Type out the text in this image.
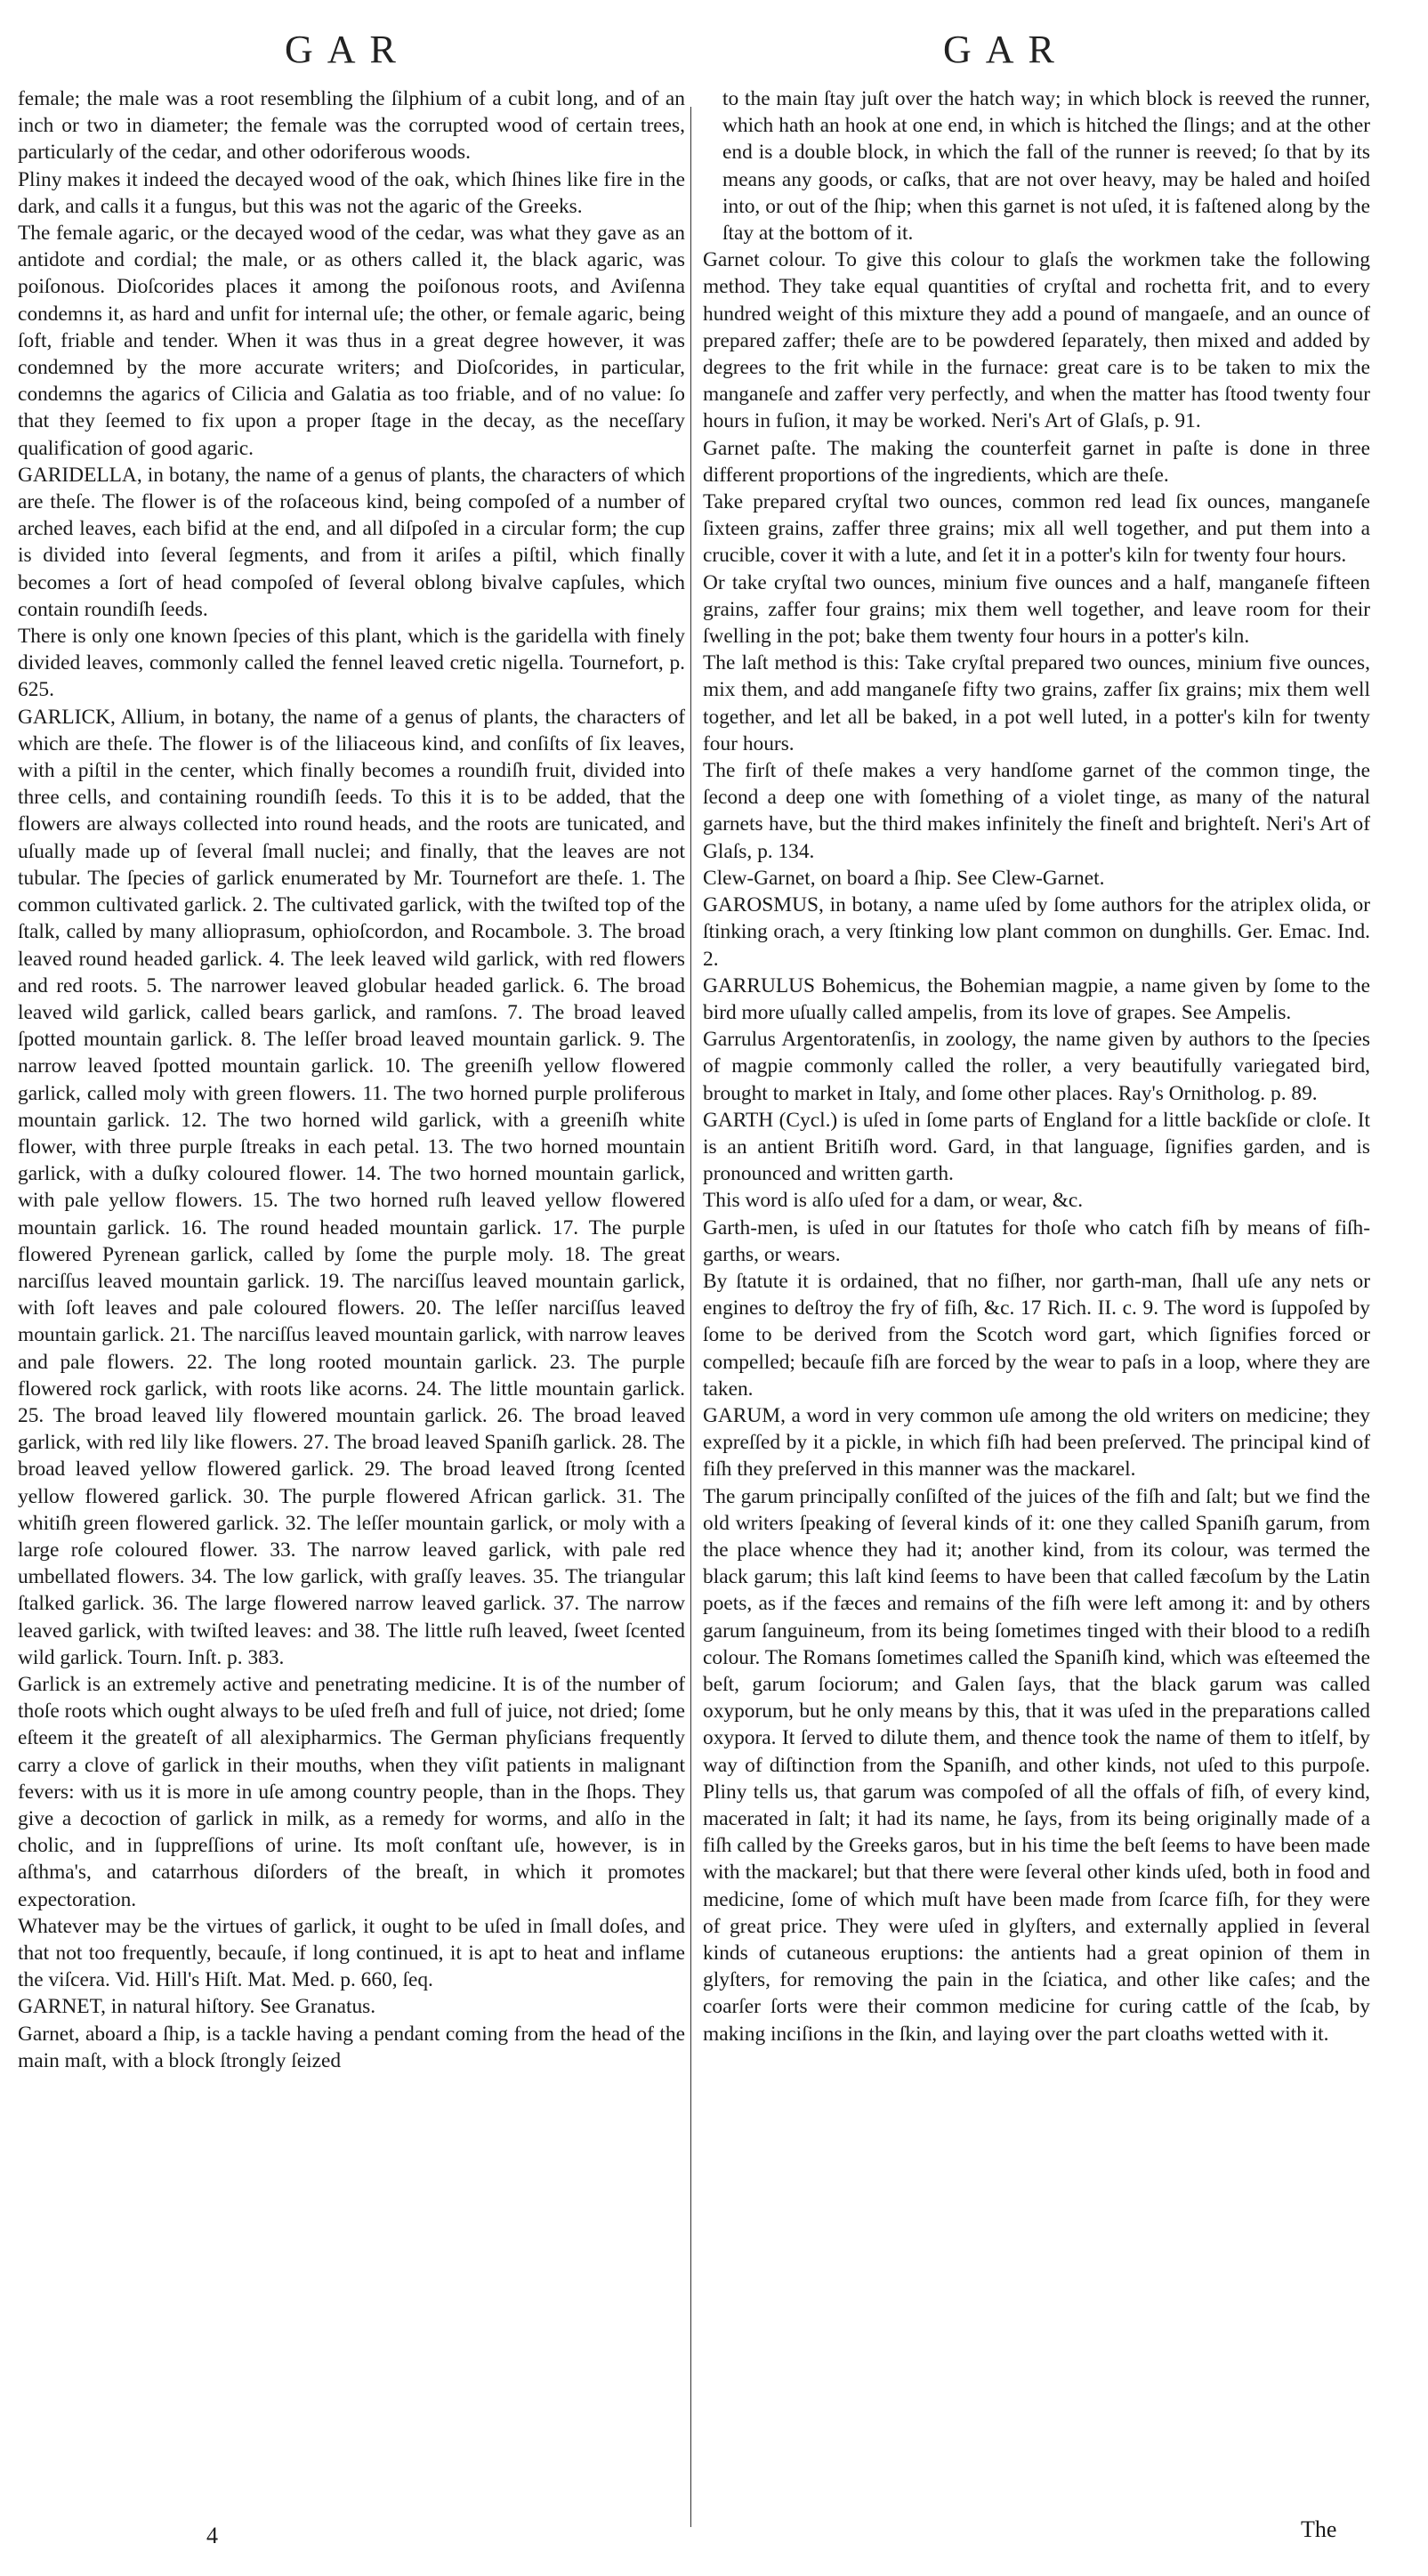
GAR	GAR

female; the male was a root resembling the ſilphium of a cubit long, and of an inch or two in diameter; the female was the corrupted wood of certain trees, particularly of the cedar, and other odoriferous woods.

Pliny makes it indeed the decayed wood of the oak, which ſhines like fire in the dark, and calls it a fungus, but this was not the agaric of the Greeks.

The female agaric, or the decayed wood of the cedar, was what they gave as an antidote and cordial; the male, or as others called it, the black agaric, was poiſonous. Dioſcorides places it among the poiſonous roots, and Aviſenna condemns it, as hard and unfit for internal uſe; the other, or female agaric, being ſoft, friable and tender. When it was thus in a great degree however, it was condemned by the more accurate writers; and Dioſcorides, in particular, condemns the agarics of Cilicia and Galatia as too friable, and of no value: ſo that they ſeemed to fix upon a proper ſtage in the decay, as the neceſſary qualification of good agaric.

GARIDELLA, in botany, the name of a genus of plants, the characters of which are theſe. The flower is of the roſaceous kind, being compoſed of a number of arched leaves, each bifid at the end, and all diſpoſed in a circular form; the cup is divided into ſeveral ſegments, and from it ariſes a piſtil, which finally becomes a ſort of head compoſed of ſeveral oblong bivalve capſules, which contain roundiſh ſeeds.

There is only one known ſpecies of this plant, which is the garidella with finely divided leaves, commonly called the fennel leaved cretic nigella. Tournefort, p. 625.

GARLICK, Allium, in botany, the name of a genus of plants, the characters of which are theſe. The flower is of the liliaceous kind, and conſiſts of ſix leaves, with a piſtil in the center, which finally becomes a roundiſh fruit, divided into three cells, and containing roundiſh ſeeds. To this it is to be added, that the flowers are always collected into round heads, and the roots are tunicated, and uſually made up of ſeveral ſmall nuclei; and finally, that the leaves are not tubular. The ſpecies of garlick enumerated by Mr. Tournefort are theſe. 1. The common cultivated garlick. 2. The cultivated garlick, with the twiſted top of the ſtalk, called by many allioprasum, ophioſcordon, and Rocambole. 3. The broad leaved round headed garlick. 4. The leek leaved wild garlick, with red flowers and red roots. 5. The narrower leaved globular headed garlick. 6. The broad leaved wild garlick, called bears garlick, and ramſons. 7. The broad leaved ſpotted mountain garlick. 8. The leſſer broad leaved mountain garlick. 9. The narrow leaved ſpotted mountain garlick. 10. The greeniſh yellow flowered garlick, called moly with green flowers. 11. The two horned purple proliferous mountain garlick. 12. The two horned wild garlick, with a greeniſh white flower, with three purple ſtreaks in each petal. 13. The two horned mountain garlick, with a duſky coloured flower. 14. The two horned mountain garlick, with pale yellow flowers. 15. The two horned ruſh leaved yellow flowered mountain garlick. 16. The round headed mountain garlick. 17. The purple flowered Pyrenean garlick, called by ſome the purple moly. 18. The great narciſſus leaved mountain garlick. 19. The narciſſus leaved mountain garlick, with ſoft leaves and pale coloured flowers. 20. The leſſer narciſſus leaved mountain garlick. 21. The narciſſus leaved mountain garlick, with narrow leaves and pale flowers. 22. The long rooted mountain garlick. 23. The purple flowered rock garlick, with roots like acorns. 24. The little mountain garlick. 25. The broad leaved lily flowered mountain garlick. 26. The broad leaved garlick, with red lily like flowers. 27. The broad leaved Spaniſh garlick. 28. The broad leaved yellow flowered garlick. 29. The broad leaved ſtrong ſcented yellow flowered garlick. 30. The purple flowered African garlick. 31. The whitiſh green flowered garlick. 32. The leſſer mountain garlick, or moly with a large roſe coloured flower. 33. The narrow leaved garlick, with pale red umbellated flowers. 34. The low garlick, with graſſy leaves. 35. The triangular ſtalked garlick. 36. The large flowered narrow leaved garlick. 37. The narrow leaved garlick, with twiſted leaves: and 38. The little ruſh leaved, ſweet ſcented wild garlick. Tourn. Inſt. p. 383.

Garlick is an extremely active and penetrating medicine. It is of the number of thoſe roots which ought always to be uſed freſh and full of juice, not dried; ſome eſteem it the greateſt of all alexipharmics. The German phyſicians frequently carry a clove of garlick in their mouths, when they viſit patients in malignant fevers: with us it is more in uſe among country people, than in the ſhops. They give a decoction of garlick in milk, as a remedy for worms, and alſo in the cholic, and in ſuppreſſions of urine. Its moſt conſtant uſe, however, is in aſthma's, and catarrhous diſorders of the breaſt, in which it promotes expectoration.

Whatever may be the virtues of garlick, it ought to be uſed in ſmall doſes, and that not too frequently, becauſe, if long continued, it is apt to heat and inflame the viſcera. Vid. Hill's Hiſt. Mat. Med. p. 660, ſeq.

GARNET, in natural hiſtory. See Granatus.

Garnet, aboard a ſhip, is a tackle having a pendant coming from the head of the main maſt, with a block ſtrongly ſeized

to the main ſtay juſt over the hatch way; in which block is reeved the runner, which hath an hook at one end, in which is hitched the ſlings; and at the other end is a double block, in which the fall of the runner is reeved; ſo that by its means any goods, or caſks, that are not over heavy, may be haled and hoiſed into, or out of the ſhip; when this garnet is not uſed, it is faſtened along by the ſtay at the bottom of it.

Garnet colour. To give this colour to glaſs the workmen take the following method. They take equal quantities of cryſtal and rochetta frit, and to every hundred weight of this mixture they add a pound of mangaeſe, and an ounce of prepared zaffer; theſe are to be powdered ſeparately, then mixed and added by degrees to the frit while in the furnace: great care is to be taken to mix the manganeſe and zaffer very perfectly, and when the matter has ſtood twenty four hours in fuſion, it may be worked. Neri's Art of Glaſs, p. 91.

Garnet paſte. The making the counterfeit garnet in paſte is done in three different proportions of the ingredients, which are theſe.

Take prepared cryſtal two ounces, common red lead ſix ounces, manganeſe ſixteen grains, zaffer three grains; mix all well together, and put them into a crucible, cover it with a lute, and ſet it in a potter's kiln for twenty four hours.

Or take cryſtal two ounces, minium five ounces and a half, manganeſe fifteen grains, zaffer four grains; mix them well together, and leave room for their ſwelling in the pot; bake them twenty four hours in a potter's kiln.

The laſt method is this: Take cryſtal prepared two ounces, minium five ounces, mix them, and add manganeſe fifty two grains, zaffer ſix grains; mix them well together, and let all be baked, in a pot well luted, in a potter's kiln for twenty four hours.

The firſt of theſe makes a very handſome garnet of the common tinge, the ſecond a deep one with ſomething of a violet tinge, as many of the natural garnets have, but the third makes infinitely the fineſt and brighteſt. Neri's Art of Glaſs, p. 134.

Clew-Garnet, on board a ſhip. See Clew-Garnet.

GAROSMUS, in botany, a name uſed by ſome authors for the atriplex olida, or ſtinking orach, a very ſtinking low plant common on dunghills. Ger. Emac. Ind. 2.

GARRULUS Bohemicus, the Bohemian magpie, a name given by ſome to the bird more uſually called ampelis, from its love of grapes. See Ampelis.

Garrulus Argentoratenſis, in zoology, the name given by authors to the ſpecies of magpie commonly called the roller, a very beautifully variegated bird, brought to market in Italy, and ſome other places. Ray's Ornitholog. p. 89.

GARTH (Cycl.) is uſed in ſome parts of England for a little backſide or cloſe. It is an antient Britiſh word. Gard, in that language, ſignifies garden, and is pronounced and written garth.

This word is alſo uſed for a dam, or wear, &c.

Garth-men, is uſed in our ſtatutes for thoſe who catch fiſh by means of fiſh-garths, or wears.

By ſtatute it is ordained, that no fiſher, nor garth-man, ſhall uſe any nets or engines to deſtroy the fry of fiſh, &c. 17 Rich. II. c. 9. The word is ſuppoſed by ſome to be derived from the Scotch word gart, which ſignifies forced or compelled; becauſe fiſh are forced by the wear to paſs in a loop, where they are taken.

GARUM, a word in very common uſe among the old writers on medicine; they expreſſed by it a pickle, in which fiſh had been preſerved. The principal kind of fiſh they preſerved in this manner was the mackarel.

The garum principally conſiſted of the juices of the fiſh and ſalt; but we find the old writers ſpeaking of ſeveral kinds of it: one they called Spaniſh garum, from the place whence they had it; another kind, from its colour, was termed the black garum; this laſt kind ſeems to have been that called fæcoſum by the Latin poets, as if the fæces and remains of the fiſh were left among it: and by others garum ſanguineum, from its being ſometimes tinged with their blood to a rediſh colour. The Romans ſometimes called the Spaniſh kind, which was eſteemed the beſt, garum ſociorum; and Galen ſays, that the black garum was called oxyporum, but he only means by this, that it was uſed in the preparations called oxypora. It ſerved to dilute them, and thence took the name of them to itſelf, by way of diſtinction from the Spaniſh, and other kinds, not uſed to this purpoſe. Pliny tells us, that garum was compoſed of all the offals of fiſh, of every kind, macerated in ſalt; it had its name, he ſays, from its being originally made of a fiſh called by the Greeks garos, but in his time the beſt ſeems to have been made with the mackarel; but that there were ſeveral other kinds uſed, both in food and medicine, ſome of which muſt have been made from ſcarce fiſh, for they were of great price. They were uſed in glyſters, and externally applied in ſeveral kinds of cutaneous eruptions: the antients had a great opinion of them in glyſters, for removing the pain in the ſciatica, and other like caſes; and the coarſer ſorts were their common medicine for curing cattle of the ſcab, by making inciſions in the ſkin, and laying over the part cloaths wetted with it.

4	The
